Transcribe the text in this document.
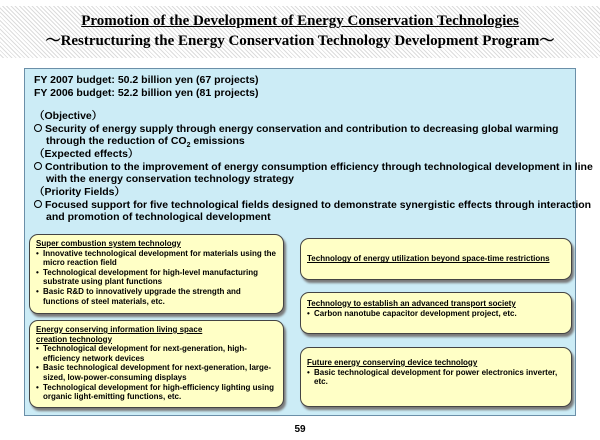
Promotion of the Development of Energy Conservation Technologies
～Restructuring the Energy Conservation Technology Development Program～
FY 2007 budget: 50.2 billion yen (67 projects)
FY 2006 budget: 52.2 billion yen (81 projects)
（Objective）
Security of energy supply through energy conservation and contribution to decreasing global warming
through the reduction of $CO_2$ emissions
（Expected effects）
Contribution to the improvement of energy consumption efficiency through technological development in line
with the energy conservation technology strategy
（Priority Fields）
Focused support for five technological fields designed to demonstrate synergistic effects through interaction
and promotion of technological development
Super combustion system technology
• Innovative technological development for materials using the micro reaction field
• Technological development for high-level manufacturing substrate using plant functions
• Basic R&D to innovatively upgrade the strength and functions of steel materials, etc.
Energy conserving information living space
creation technology
• Technological development for next-generation, high-efficiency network devices
• Basic technological development for next-generation, large-sized, low-power-consuming displays
• Technological development for high-efficiency lighting using organic light-emitting functions, etc.
Technology of energy utilization beyond space-time restrictions
Technology to establish an advanced transport society
• Carbon nanotube capacitor development project, etc.
Future energy conserving device technology
• Basic technological development for power electronics inverter, etc.
59
